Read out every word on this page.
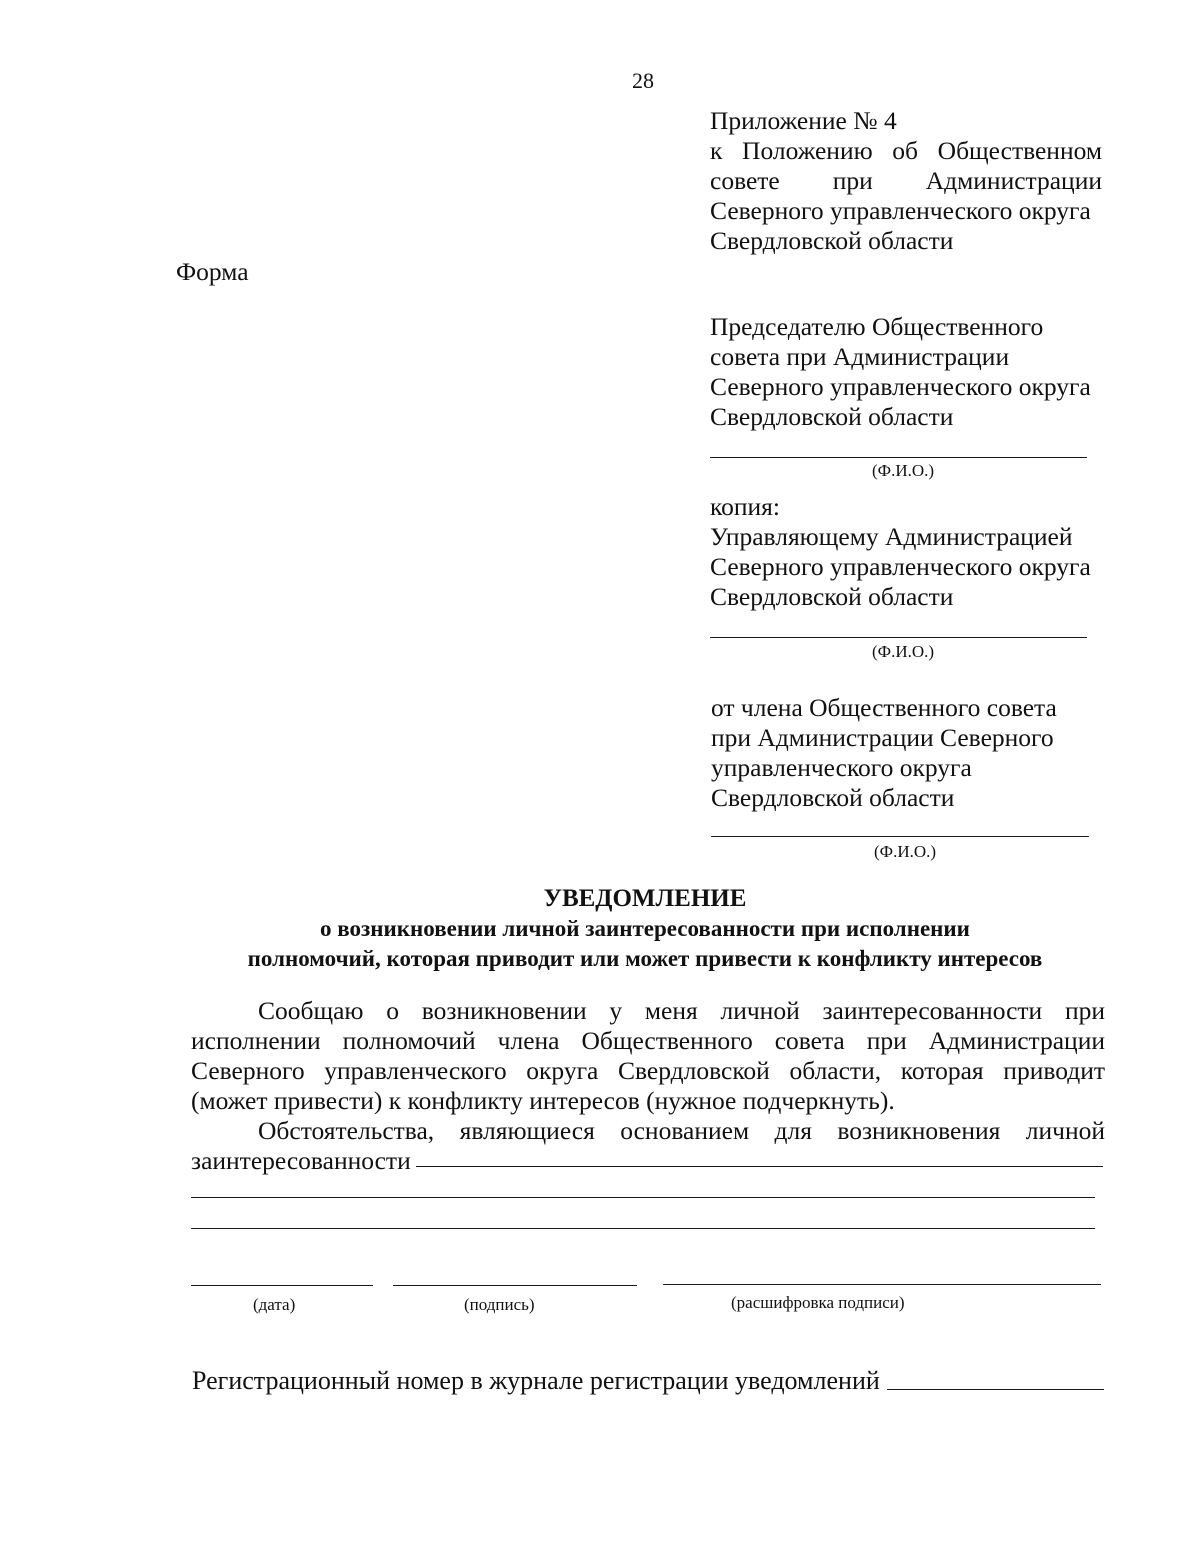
28
Приложение № 4
к Положению об Общественном
совете при Администрации
Северного управленческого округа
Свердловской области
Форма
Председателю Общественного
совета при Администрации
Северного управленческого округа
Свердловской области
(Ф.И.О.)
копия:
Управляющему Администрацией
Северного управленческого округа
Свердловской области
(Ф.И.О.)
от члена Общественного совета
при Администрации Северного
управленческого округа
Свердловской области
(Ф.И.О.)
УВЕДОМЛЕНИЕ
о возникновении личной заинтересованности при исполнении
полномочий, которая приводит или может привести к конфликту интересов
Сообщаю о возникновении у меня личной заинтересованности при
исполнении полномочий члена Общественного совета при Администрации
Северного управленческого округа Свердловской области, которая приводит
(может привести) к конфликту интересов (нужное подчеркнуть).
Обстоятельства, являющиеся основанием для возникновения личной
заинтересованности
(дата)	(подпись)	(расшифровка подписи)
Регистрационный номер в журнале регистрации уведомлений
